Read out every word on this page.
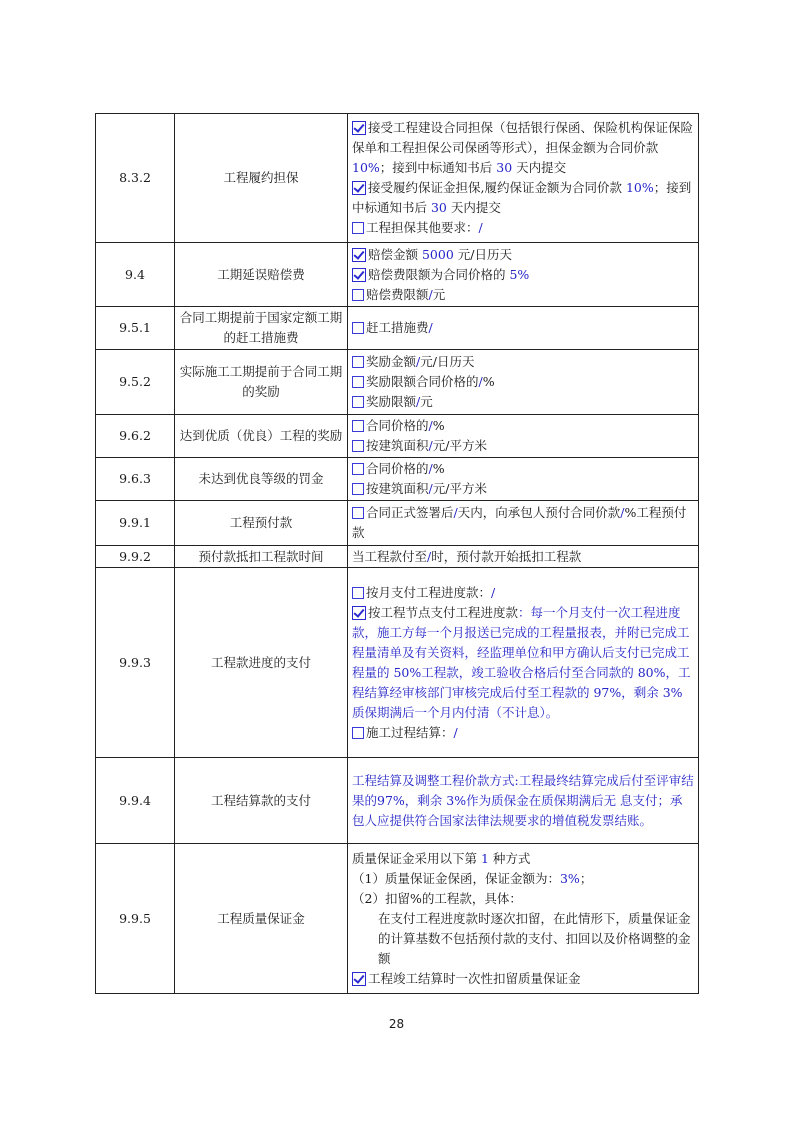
8.3.2	工程履约担保	接受工程建设合同担保（包括银行保函、保险机构保证保险保单和工程担保公司保函等形式），担保金额为合同价款 10%；接到中标通知书后 30 天内提交
接受履约保证金担保,履约保证金额为合同价款 10%；接到中标通知书后 30 天内提交
工程担保其他要求：/

9.4	工期延误赔偿费	赔偿金额 5000 元/日历天
赔偿费限额为合同价格的 5%
赔偿费限额/元

9.5.1	合同工期提前于国家定额工期的赶工措施费	赶工措施费/

9.5.2	实际施工工期提前于合同工期的奖励	奖励金额/元/日历天
奖励限额合同价格的/%
奖励限额/元

9.6.2	达到优质（优良）工程的奖励	合同价格的/%
按建筑面积/元/平方米

9.6.3	未达到优良等级的罚金	合同价格的/%
按建筑面积/元/平方米

9.9.1	工程预付款	合同正式签署后/天内，向承包人预付合同价款/%工程预付款

9.9.2	预付款抵扣工程款时间	当工程款付至/时，预付款开始抵扣工程款

9.9.3	工程款进度的支付	按月支付工程进度款：/
按工程节点支付工程进度款：每一个月支付一次工程进度款，施工方每一个月报送已完成的工程量报表，并附已完成工程量清单及有关资料，经监理单位和甲方确认后支付已完成工程量的 50%工程款，竣工验收合格后付至合同款的 80%，工程结算经审核部门审核完成后付至工程款的 97%，剩余 3%质保期满后一个月内付清（不计息）。
施工过程结算：/

9.9.4	工程结算款的支付	工程结算及调整工程价款方式:工程最终结算完成后付至评审结果的97%，剩余 3%作为质保金在质保期满后无 息支付；承包人应提供符合国家法律法规要求的增值税发票结账。

9.9.5	工程质量保证金	质量保证金采用以下第 1 种方式
（1）质量保证金保函，保证金额为：3%；
（2）扣留%的工程款，具体：
在支付工程进度款时逐次扣留，在此情形下，质量保证金的计算基数不包括预付款的支付、扣回以及价格调整的金额
工程竣工结算时一次性扣留质量保证金
28
